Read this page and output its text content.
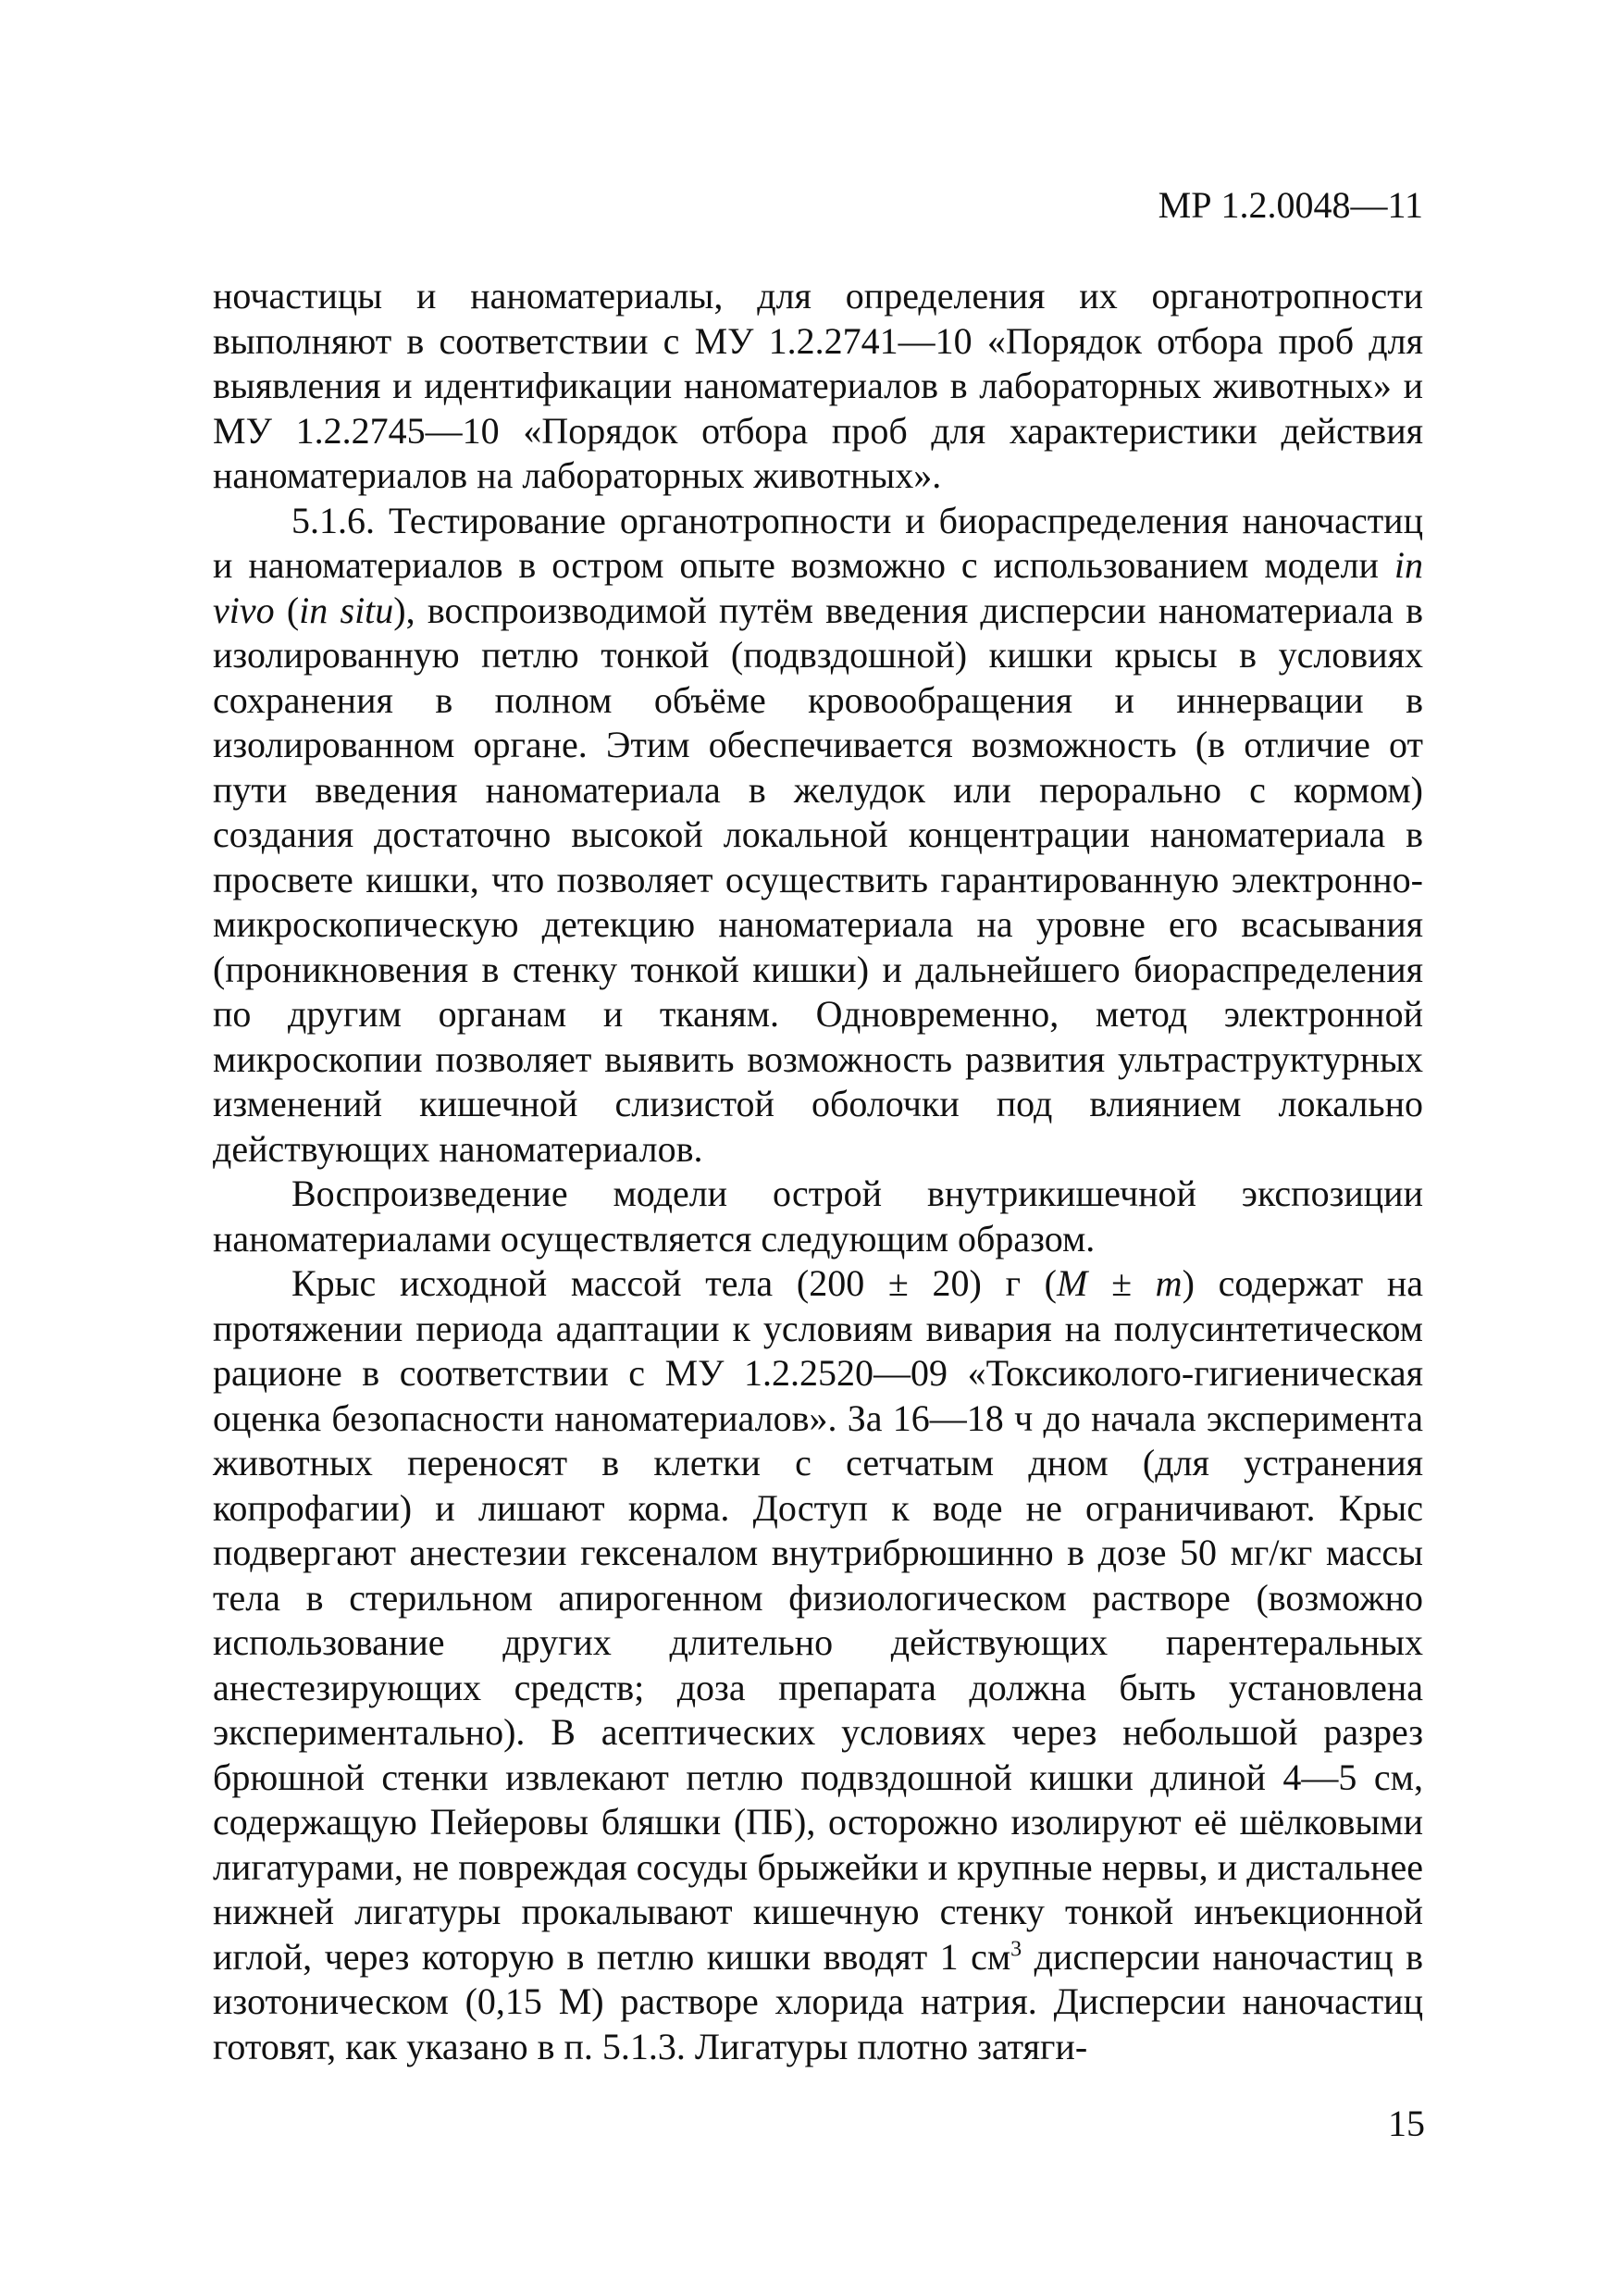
МР 1.2.0048—11

ночастицы и наноматериалы, для определения их органотропности выполняют в соответствии с МУ 1.2.2741—10 «Порядок отбора проб для выявления и идентификации наноматериалов в лабораторных животных» и МУ 1.2.2745—10 «Порядок отбора проб для характеристики действия наноматериалов на лабораторных животных».

5.1.6. Тестирование органотропности и биораспределения наночастиц и наноматериалов в остром опыте возможно с использованием модели in vivo (in situ), воспроизводимой путём введения дисперсии наноматериала в изолированную петлю тонкой (подвздошной) кишки крысы в условиях сохранения в полном объёме кровообращения и иннервации в изолированном органе. Этим обеспечивается возможность (в отличие от пути введения наноматериала в желудок или перорально с кормом) создания достаточно высокой локальной концентрации наноматериала в просвете кишки, что позволяет осуществить гарантированную электронно-микроскопическую детекцию наноматериала на уровне его всасывания (проникновения в стенку тонкой кишки) и дальнейшего биораспределения по другим органам и тканям. Одновременно, метод электронной микроскопии позволяет выявить возможность развития ультраструктурных изменений кишечной слизистой оболочки под влиянием локально действующих наноматериалов.

Воспроизведение модели острой внутрикишечной экспозиции наноматериалами осуществляется следующим образом.

Крыс исходной массой тела (200 ± 20) г (M ± m) содержат на протяжении периода адаптации к условиям вивария на полусинтетическом рационе в соответствии с МУ 1.2.2520—09 «Токсиколого-гигиеническая оценка безопасности наноматериалов». За 16—18 ч до начала эксперимента животных переносят в клетки с сетчатым дном (для устранения копрофагии) и лишают корма. Доступ к воде не ограничивают. Крыс подвергают анестезии гексеналом внутрибрюшинно в дозе 50 мг/кг массы тела в стерильном апирогенном физиологическом растворе (возможно использование других длительно действующих парентеральных анестезирующих средств; доза препарата должна быть установлена экспериментально). В асептических условиях через небольшой разрез брюшной стенки извлекают петлю подвздошной кишки длиной 4—5 см, содержащую Пейеровы бляшки (ПБ), осторожно изолируют её шёлковыми лигатурами, не повреждая сосуды брыжейки и крупные нервы, и дистальнее нижней лигатуры прокалывают кишечную стенку тонкой инъекционной иглой, через которую в петлю кишки вводят 1 $см^3$ дисперсии наночастиц в изотоническом (0,15 М) растворе хлорида натрия. Дисперсии наночастиц готовят, как указано в п. 5.1.3. Лигатуры плотно затяги-

15
